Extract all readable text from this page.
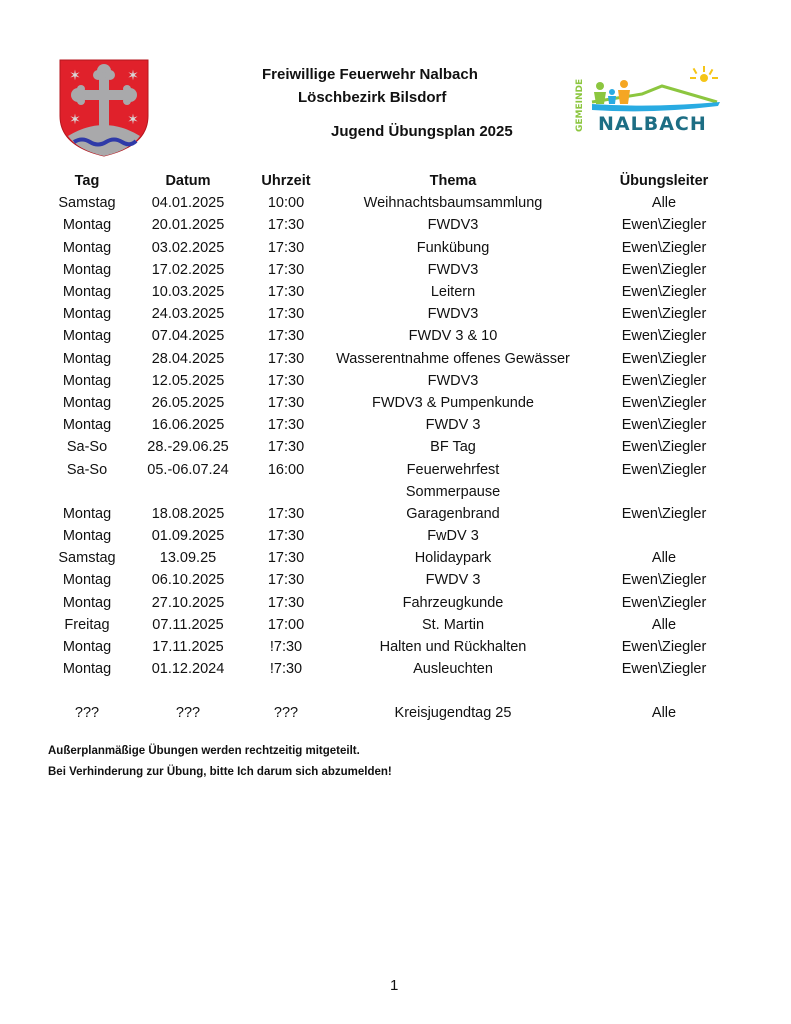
✶	✶
✶	✶	GEMEINDE NALBACH
Freiwillige Feuerwehr Nalbach
Löschbezirk Bilsdorf
Jugend Übungsplan 2025
Tag	Datum	Uhrzeit	Thema	Übungsleiter
Samstag	04.01.2025	10:00	Weihnachtsbaumsammlung	Alle
Montag	20.01.2025	17:30	FWDV3	Ewen\Ziegler
Montag	03.02.2025	17:30	Funkübung	Ewen\Ziegler
Montag	17.02.2025	17:30	FWDV3	Ewen\Ziegler
Montag	10.03.2025	17:30	Leitern	Ewen\Ziegler
Montag	24.03.2025	17:30	FWDV3	Ewen\Ziegler
Montag	07.04.2025	17:30	FWDV 3 & 10	Ewen\Ziegler
Montag	28.04.2025	17:30	Wasserentnahme offenes Gewässer	Ewen\Ziegler
Montag	12.05.2025	17:30	FWDV3	Ewen\Ziegler
Montag	26.05.2025	17:30	FWDV3 & Pumpenkunde	Ewen\Ziegler
Montag	16.06.2025	17:30	FWDV 3	Ewen\Ziegler
Sa-So	28.-29.06.25	17:30	BF Tag	Ewen\Ziegler
Sa-So	05.-06.07.24	16:00	Feuerwehrfest	Ewen\Ziegler
			Sommerpause	
Montag	18.08.2025	17:30	Garagenbrand	Ewen\Ziegler
Montag	01.09.2025	17:30	FwDV 3	
Samstag	13.09.25	17:30	Holidaypark	Alle
Montag	06.10.2025	17:30	FWDV 3	Ewen\Ziegler
Montag	27.10.2025	17:30	Fahrzeugkunde	Ewen\Ziegler
Freitag	07.11.2025	17:00	St. Martin	Alle
Montag	17.11.2025	!7:30	Halten und Rückhalten	Ewen\Ziegler
Montag	01.12.2024	!7:30	Ausleuchten	Ewen\Ziegler

???	???	???	Kreisjugendtag 25	Alle
Außerplanmäßige Übungen werden rechtzeitig mitgeteilt.
Bei Verhinderung zur Übung, bitte Ich darum sich abzumelden!
1
